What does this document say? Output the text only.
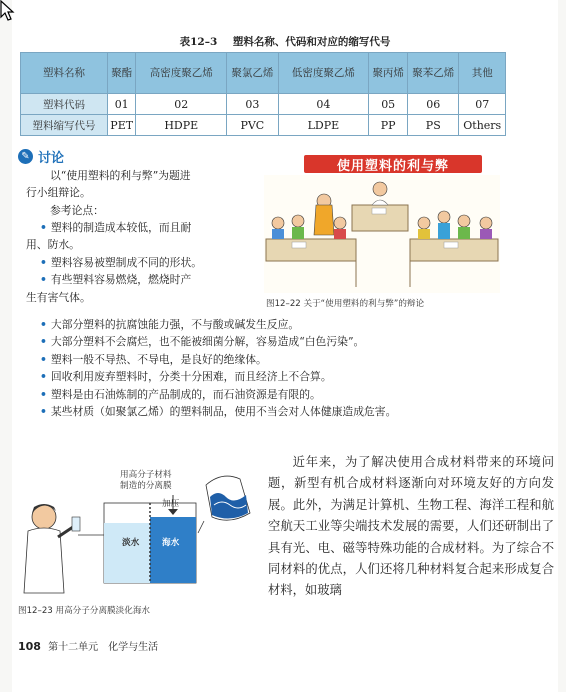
表12–3 塑料名称、代码和对应的缩写代号
塑料名称	聚酯	高密度聚乙烯	聚氯乙烯	低密度聚乙烯	聚丙烯	聚苯乙烯	其他
塑料代码	01	02	03	04	05	06	07
塑料缩写代号	PET	HDPE	PVC	LDPE	PP	PS	Others
✎ 讨论
以“使用塑料的利与弊”为题进
行小组辩论。
参考论点：
• 塑料的制造成本较低，而且耐
用、防水。
• 塑料容易被塑制成不同的形状。
• 有些塑料容易燃烧，燃烧时产
生有害气体。
• 大部分塑料的抗腐蚀能力强，不与酸或碱发生反应。
• 大部分塑料不会腐烂，也不能被细菌分解，容易造成“白色污染”。
• 塑料一般不导热、不导电，是良好的绝缘体。
• 回收利用废弃塑料时，分类十分困难，而且经济上不合算。
• 塑料是由石油炼制的产品制成的，而石油资源是有限的。
• 某些材质（如聚氯乙烯）的塑料制品，使用不当会对人体健康造成危害。
使用塑料的利与弊
图12–22 关于“使用塑料的利与弊”的辩论
用高分子材料
制造的分离膜
加压
淡水	海水
图12–23 用高分子分离膜淡化海水
近年来，为了解决使用合成材料带来的环境问题，新型有机合成材料逐渐向对环境友好的方向发展。此外，为满足计算机、生物工程、海洋工程和航空航天工业等尖端技术发展的需要，人们还研制出了具有光、电、磁等特殊功能的合成材料。为了综合不同材料的优点，人们还将几种材料复合起来形成复合材料，如玻璃
108 第十二单元　化学与生活
